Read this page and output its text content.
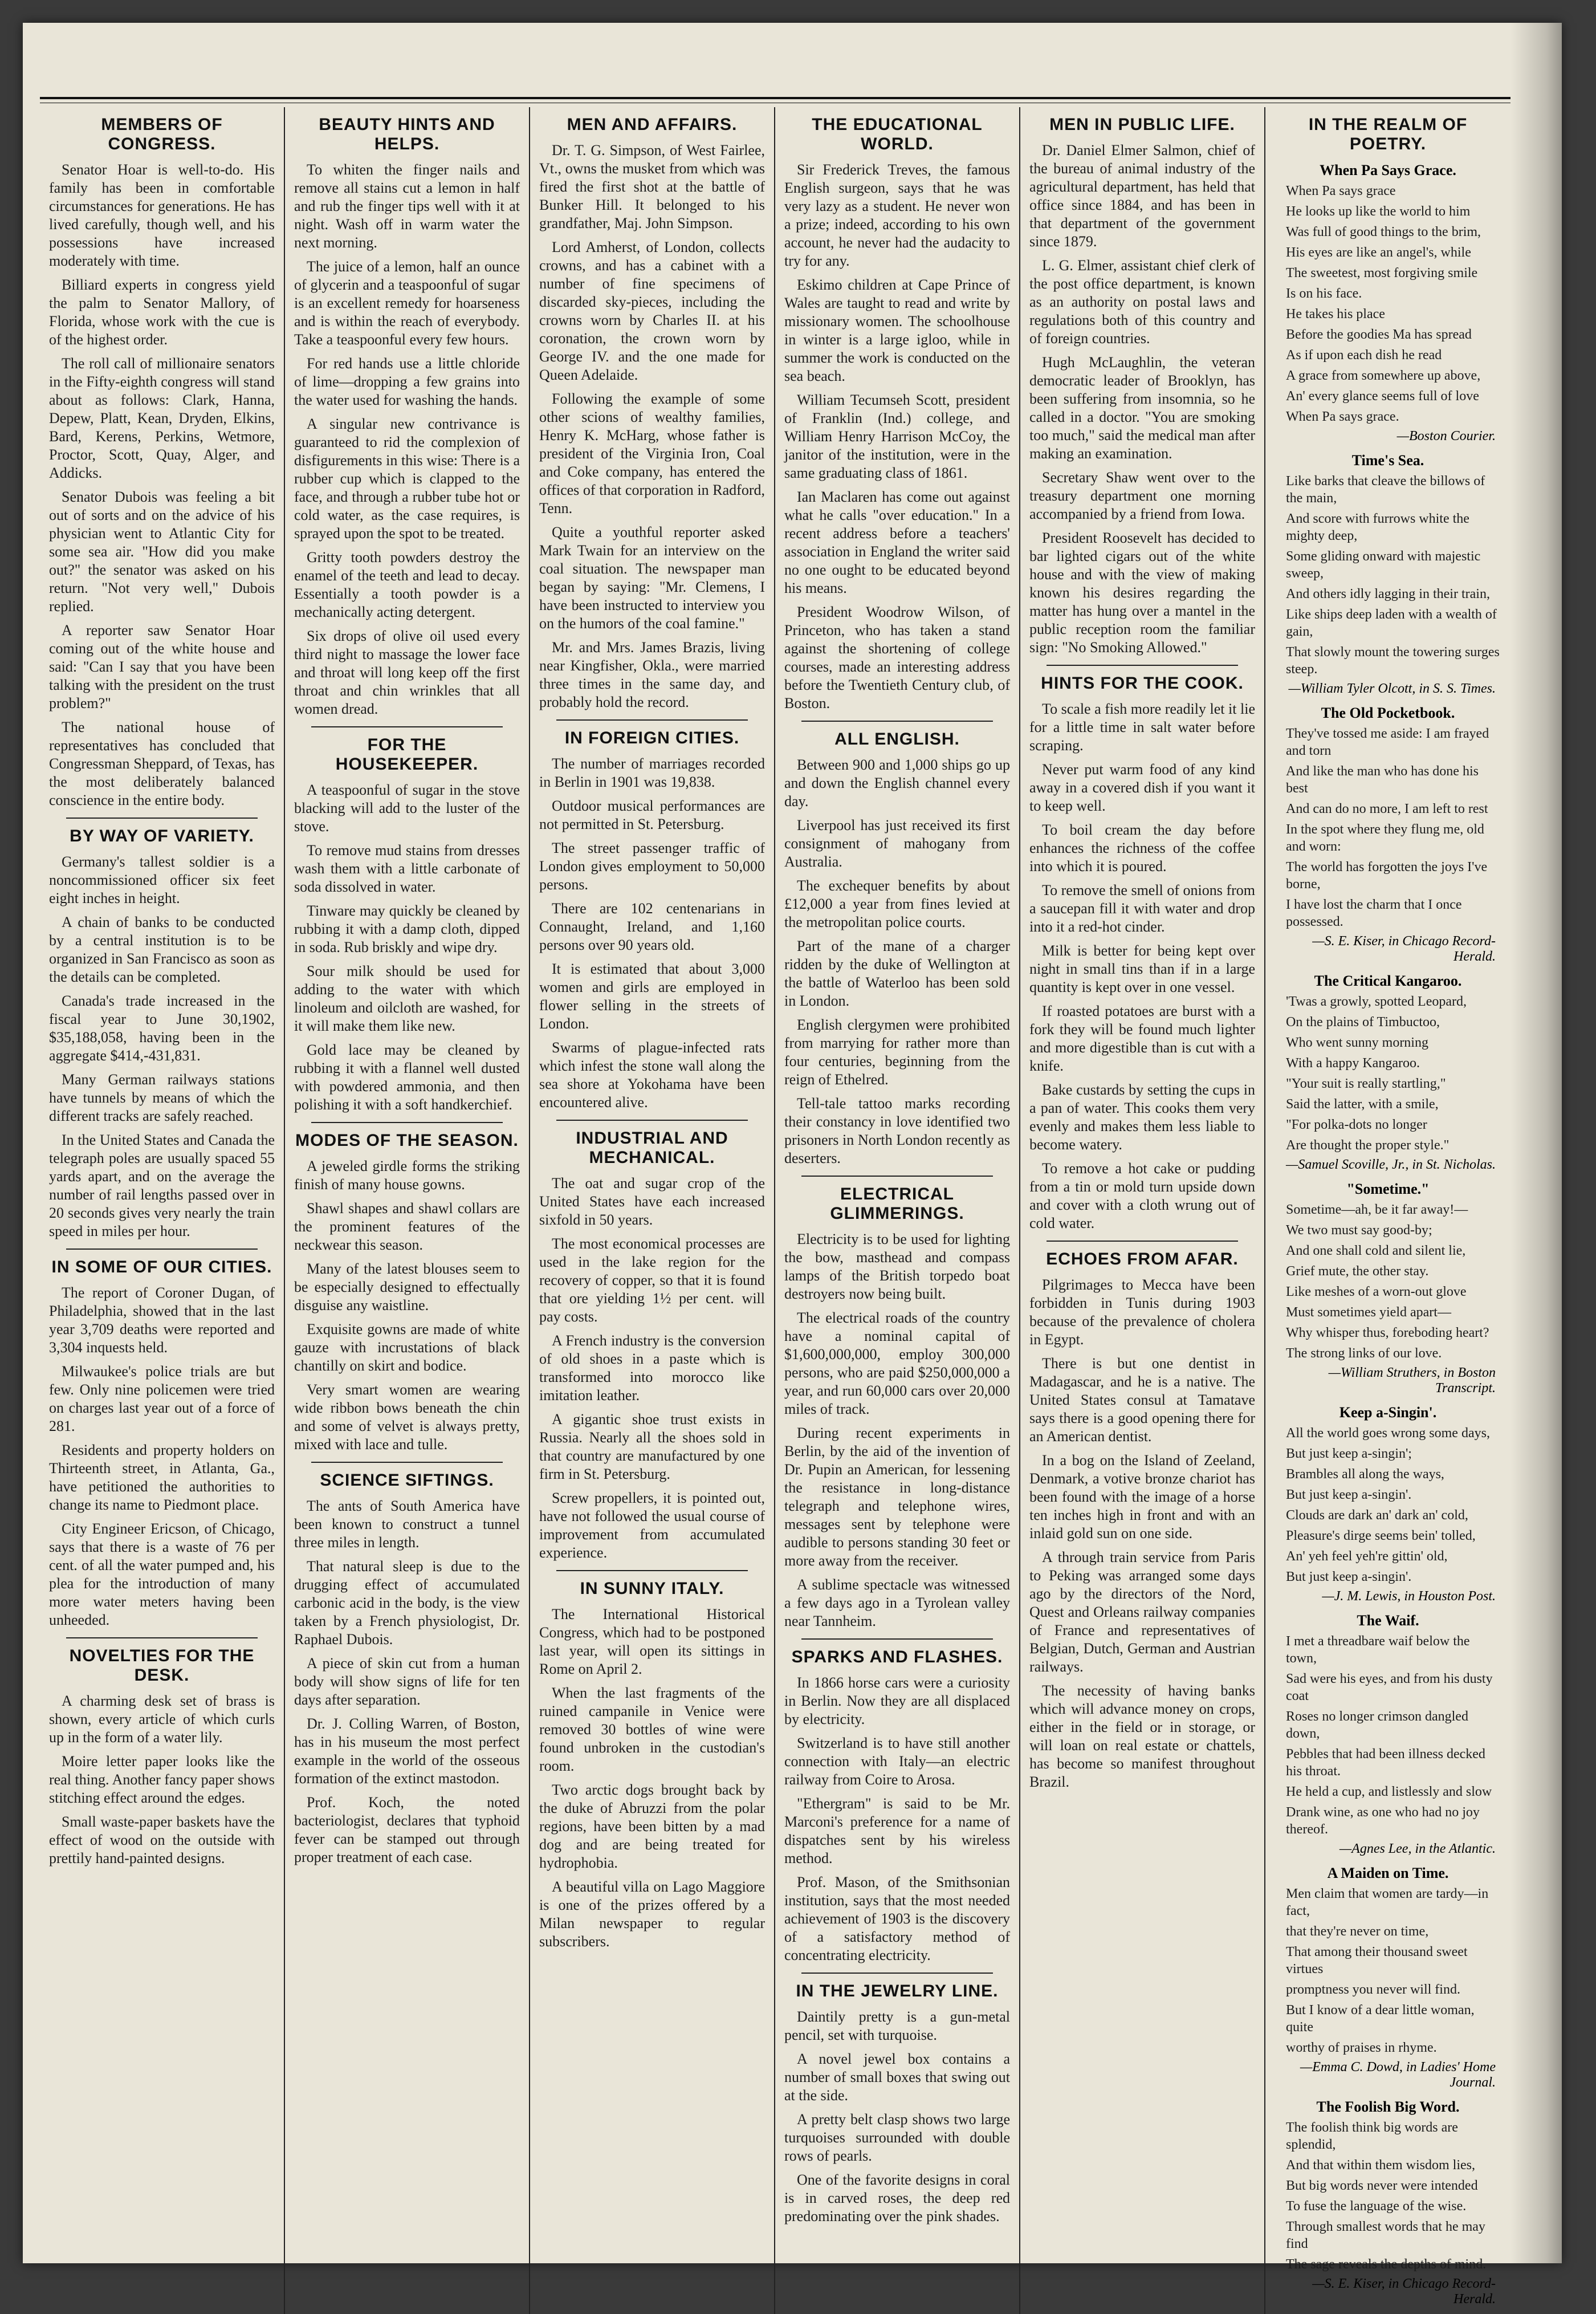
MEMBERS OF CONGRESS.

Senator Hoar is well-to-do. His family has been in comfortable circumstances for generations. He has lived carefully, though well, and his possessions have increased moderately with time.

Billiard experts in congress yield the palm to Senator Mallory, of Florida, whose work with the cue is of the highest order.

The roll call of millionaire senators in the Fifty-eighth congress will stand about as follows: Clark, Hanna, Depew, Platt, Kean, Dryden, Elkins, Bard, Kerens, Perkins, Wetmore, Proctor, Scott, Quay, Alger, and Addicks.

Senator Dubois was feeling a bit out of sorts and on the advice of his physician went to Atlantic City for some sea air. "How did you make out?" the senator was asked on his return. "Not very well," Dubois replied.

A reporter saw Senator Hoar coming out of the white house and said: "Can I say that you have been talking with the president on the trust problem?"

The national house of representatives has concluded that Congressman Sheppard, of Texas, has the most deliberately balanced conscience in the entire body.

BY WAY OF VARIETY.

Germany's tallest soldier is a noncommissioned officer six feet eight inches in height.

A chain of banks to be conducted by a central institution is to be organized in San Francisco as soon as the details can be completed.

Canada's trade increased in the fiscal year to June 30,1902, $35,188,058, having been in the aggregate $414,-431,831.

Many German railways stations have tunnels by means of which the different tracks are safely reached.

In the United States and Canada the telegraph poles are usually spaced 55 yards apart, and on the average the number of rail lengths passed over in 20 seconds gives very nearly the train speed in miles per hour.

IN SOME OF OUR CITIES.

The report of Coroner Dugan, of Philadelphia, showed that in the last year 3,709 deaths were reported and 3,304 inquests held.

Milwaukee's police trials are but few. Only nine policemen were tried on charges last year out of a force of 281.

Residents and property holders on Thirteenth street, in Atlanta, Ga., have petitioned the authorities to change its name to Piedmont place.

City Engineer Ericson, of Chicago, says that there is a waste of 76 per cent. of all the water pumped and, his plea for the introduction of many more water meters having been unheeded.

NOVELTIES FOR THE DESK.

A charming desk set of brass is shown, every article of which curls up in the form of a water lily.

Moire letter paper looks like the real thing. Another fancy paper shows stitching effect around the edges.

Small waste-paper baskets have the effect of wood on the outside with prettily hand-painted designs.

BEAUTY HINTS AND HELPS.

To whiten the finger nails and remove all stains cut a lemon in half and rub the finger tips well with it at night. Wash off in warm water the next morning.

The juice of a lemon, half an ounce of glycerin and a teaspoonful of sugar is an excellent remedy for hoarseness and is within the reach of everybody. Take a teaspoonful every few hours.

For red hands use a little chloride of lime—dropping a few grains into the water used for washing the hands.

A singular new contrivance is guaranteed to rid the complexion of disfigurements in this wise: There is a rubber cup which is clapped to the face, and through a rubber tube hot or cold water, as the case requires, is sprayed upon the spot to be treated.

Gritty tooth powders destroy the enamel of the teeth and lead to decay. Essentially a tooth powder is a mechanically acting detergent.

Six drops of olive oil used every third night to massage the lower face and throat will long keep off the first throat and chin wrinkles that all women dread.

FOR THE HOUSEKEEPER.

A teaspoonful of sugar in the stove blacking will add to the luster of the stove.

To remove mud stains from dresses wash them with a little carbonate of soda dissolved in water.

Tinware may quickly be cleaned by rubbing it with a damp cloth, dipped in soda. Rub briskly and wipe dry.

Sour milk should be used for adding to the water with which linoleum and oilcloth are washed, for it will make them like new.

Gold lace may be cleaned by rubbing it with a flannel well dusted with powdered ammonia, and then polishing it with a soft handkerchief.

MODES OF THE SEASON.

A jeweled girdle forms the striking finish of many house gowns.

Shawl shapes and shawl collars are the prominent features of the neckwear this season.

Many of the latest blouses seem to be especially designed to effectually disguise any waistline.

Exquisite gowns are made of white gauze with incrustations of black chantilly on skirt and bodice.

Very smart women are wearing wide ribbon bows beneath the chin and some of velvet is always pretty, mixed with lace and tulle.

SCIENCE SIFTINGS.

The ants of South America have been known to construct a tunnel three miles in length.

That natural sleep is due to the drugging effect of accumulated carbonic acid in the body, is the view taken by a French physiologist, Dr. Raphael Dubois.

A piece of skin cut from a human body will show signs of life for ten days after separation.

Dr. J. Colling Warren, of Boston, has in his museum the most perfect example in the world of the osseous formation of the extinct mastodon.

Prof. Koch, the noted bacteriologist, declares that typhoid fever can be stamped out through proper treatment of each case.

MEN AND AFFAIRS.

Dr. T. G. Simpson, of West Fairlee, Vt., owns the musket from which was fired the first shot at the battle of Bunker Hill. It belonged to his grandfather, Maj. John Simpson.

Lord Amherst, of London, collects crowns, and has a cabinet with a number of fine specimens of discarded sky-pieces, including the crowns worn by Charles II. at his coronation, the crown worn by George IV. and the one made for Queen Adelaide.

Following the example of some other scions of wealthy families, Henry K. McHarg, whose father is president of the Virginia Iron, Coal and Coke company, has entered the offices of that corporation in Radford, Tenn.

Quite a youthful reporter asked Mark Twain for an interview on the coal situation. The newspaper man began by saying: "Mr. Clemens, I have been instructed to interview you on the humors of the coal famine."

Mr. and Mrs. James Brazis, living near Kingfisher, Okla., were married three times in the same day, and probably hold the record.

IN FOREIGN CITIES.

The number of marriages recorded in Berlin in 1901 was 19,838.

Outdoor musical performances are not permitted in St. Petersburg.

The street passenger traffic of London gives employment to 50,000 persons.

There are 102 centenarians in Connaught, Ireland, and 1,160 persons over 90 years old.

It is estimated that about 3,000 women and girls are employed in flower selling in the streets of London.

Swarms of plague-infected rats which infest the stone wall along the sea shore at Yokohama have been encountered alive.

INDUSTRIAL AND MECHANICAL.

The oat and sugar crop of the United States have each increased sixfold in 50 years.

The most economical processes are used in the lake region for the recovery of copper, so that it is found that ore yielding 1½ per cent. will pay costs.

A French industry is the conversion of old shoes in a paste which is transformed into morocco like imitation leather.

A gigantic shoe trust exists in Russia. Nearly all the shoes sold in that country are manufactured by one firm in St. Petersburg.

Screw propellers, it is pointed out, have not followed the usual course of improvement from accumulated experience.

IN SUNNY ITALY.

The International Historical Congress, which had to be postponed last year, will open its sittings in Rome on April 2.

When the last fragments of the ruined campanile in Venice were removed 30 bottles of wine were found unbroken in the custodian's room.

Two arctic dogs brought back by the duke of Abruzzi from the polar regions, have been bitten by a mad dog and are being treated for hydrophobia.

A beautiful villa on Lago Maggiore is one of the prizes offered by a Milan newspaper to regular subscribers.

THE EDUCATIONAL WORLD.

Sir Frederick Treves, the famous English surgeon, says that he was very lazy as a student. He never won a prize; indeed, according to his own account, he never had the audacity to try for any.

Eskimo children at Cape Prince of Wales are taught to read and write by missionary women. The schoolhouse in winter is a large igloo, while in summer the work is conducted on the sea beach.

William Tecumseh Scott, president of Franklin (Ind.) college, and William Henry Harrison McCoy, the janitor of the institution, were in the same graduating class of 1861.

Ian Maclaren has come out against what he calls "over education." In a recent address before a teachers' association in England the writer said no one ought to be educated beyond his means.

President Woodrow Wilson, of Princeton, who has taken a stand against the shortening of college courses, made an interesting address before the Twentieth Century club, of Boston.

ALL ENGLISH.

Between 900 and 1,000 ships go up and down the English channel every day.

Liverpool has just received its first consignment of mahogany from Australia.

The exchequer benefits by about £12,000 a year from fines levied at the metropolitan police courts.

Part of the mane of a charger ridden by the duke of Wellington at the battle of Waterloo has been sold in London.

English clergymen were prohibited from marrying for rather more than four centuries, beginning from the reign of Ethelred.

Tell-tale tattoo marks recording their constancy in love identified two prisoners in North London recently as deserters.

ELECTRICAL GLIMMERINGS.

Electricity is to be used for lighting the bow, masthead and compass lamps of the British torpedo boat destroyers now being built.

The electrical roads of the country have a nominal capital of $1,600,000,000, employ 300,000 persons, who are paid $250,000,000 a year, and run 60,000 cars over 20,000 miles of track.

During recent experiments in Berlin, by the aid of the invention of Dr. Pupin an American, for lessening the resistance in long-distance telegraph and telephone wires, messages sent by telephone were audible to persons standing 30 feet or more away from the receiver.

A sublime spectacle was witnessed a few days ago in a Tyrolean valley near Tannheim.

SPARKS AND FLASHES.

In 1866 horse cars were a curiosity in Berlin. Now they are all displaced by electricity.

Switzerland is to have still another connection with Italy—an electric railway from Coire to Arosa.

"Ethergram" is said to be Mr. Marconi's preference for a name of dispatches sent by his wireless method.

Prof. Mason, of the Smithsonian institution, says that the most needed achievement of 1903 is the discovery of a satisfactory method of concentrating electricity.

IN THE JEWELRY LINE.

Daintily pretty is a gun-metal pencil, set with turquoise.

A novel jewel box contains a number of small boxes that swing out at the side.

A pretty belt clasp shows two large turquoises surrounded with double rows of pearls.

One of the favorite designs in coral is in carved roses, the deep red predominating over the pink shades.

MEN IN PUBLIC LIFE.

Dr. Daniel Elmer Salmon, chief of the bureau of animal industry of the agricultural department, has held that office since 1884, and has been in that department of the government since 1879.

L. G. Elmer, assistant chief clerk of the post office department, is known as an authority on postal laws and regulations both of this country and of foreign countries.

Hugh McLaughlin, the veteran democratic leader of Brooklyn, has been suffering from insomnia, so he called in a doctor. "You are smoking too much," said the medical man after making an examination.

Secretary Shaw went over to the treasury department one morning accompanied by a friend from Iowa.

President Roosevelt has decided to bar lighted cigars out of the white house and with the view of making known his desires regarding the matter has hung over a mantel in the public reception room the familiar sign: "No Smoking Allowed."

HINTS FOR THE COOK.

To scale a fish more readily let it lie for a little time in salt water before scraping.

Never put warm food of any kind away in a covered dish if you want it to keep well.

To boil cream the day before enhances the richness of the coffee into which it is poured.

To remove the smell of onions from a saucepan fill it with water and drop into it a red-hot cinder.

Milk is better for being kept over night in small tins than if in a large quantity is kept over in one vessel.

If roasted potatoes are burst with a fork they will be found much lighter and more digestible than is cut with a knife.

Bake custards by setting the cups in a pan of water. This cooks them very evenly and makes them less liable to become watery.

To remove a hot cake or pudding from a tin or mold turn upside down and cover with a cloth wrung out of cold water.

ECHOES FROM AFAR.

Pilgrimages to Mecca have been forbidden in Tunis during 1903 because of the prevalence of cholera in Egypt.

There is but one dentist in Madagascar, and he is a native. The United States consul at Tamatave says there is a good opening there for an American dentist.

In a bog on the Island of Zeeland, Denmark, a votive bronze chariot has been found with the image of a horse ten inches high in front and with an inlaid gold sun on one side.

A through train service from Paris to Peking was arranged some days ago by the directors of the Nord, Quest and Orleans railway companies of France and representatives of Belgian, Dutch, German and Austrian railways.

The necessity of having banks which will advance money on crops, either in the field or in storage, or will loan on real estate or chattels, has become so manifest throughout Brazil.

IN THE REALM OF POETRY.
When Pa Says Grace.

When Pa says grace

He looks up like the world to him

Was full of good things to the brim,

His eyes are like an angel's, while

The sweetest, most forgiving smile

Is on his face.

He takes his place

Before the goodies Ma has spread

As if upon each dish he read

A grace from somewhere up above,

An' every glance seems full of love

When Pa says grace.

—Boston Courier.
Time's Sea.

Like barks that cleave the billows of the main,

And score with furrows white the mighty deep,

Some gliding onward with majestic sweep,

And others idly lagging in their train,

Like ships deep laden with a wealth of gain,

That slowly mount the towering surges steep.

—William Tyler Olcott, in S. S. Times.
The Old Pocketbook.

They've tossed me aside: I am frayed and torn

And like the man who has done his best

And can do no more, I am left to rest

In the spot where they flung me, old and worn:

The world has forgotten the joys I've borne,

I have lost the charm that I once possessed.

—S. E. Kiser, in Chicago Record-Herald.
The Critical Kangaroo.

'Twas a growly, spotted Leopard,

On the plains of Timbuctoo,

Who went sunny morning

With a happy Kangaroo.

"Your suit is really startling,"

Said the latter, with a smile,

"For polka-dots no longer

Are thought the proper style."

—Samuel Scoville, Jr., in St. Nicholas.
"Sometime."

Sometime—ah, be it far away!—

We two must say good-by;

And one shall cold and silent lie,

Grief mute, the other stay.

Like meshes of a worn-out glove

Must sometimes yield apart—

Why whisper thus, foreboding heart?

The strong links of our love.

—William Struthers, in Boston Transcript.
Keep a-Singin'.

All the world goes wrong some days,

But just keep a-singin';

Brambles all along the ways,

But just keep a-singin'.

Clouds are dark an' dark an' cold,

Pleasure's dirge seems bein' tolled,

An' yeh feel yeh're gittin' old,

But just keep a-singin'.

—J. M. Lewis, in Houston Post.
The Waif.

I met a threadbare waif below the town,

Sad were his eyes, and from his dusty coat

Roses no longer crimson dangled down,

Pebbles that had been illness decked his throat.

He held a cup, and listlessly and slow

Drank wine, as one who had no joy thereof.

—Agnes Lee, in the Atlantic.
A Maiden on Time.

Men claim that women are tardy—in fact,

that they're never on time,

That among their thousand sweet virtues

promptness you never will find.

But I know of a dear little woman, quite

worthy of praises in rhyme.

—Emma C. Dowd, in Ladies' Home Journal.
The Foolish Big Word.

The foolish think big words are splendid,

And that within them wisdom lies,

But big words never were intended

To fuse the language of the wise.

Through smallest words that he may find

The sage reveals the depths of mind.

—S. E. Kiser, in Chicago Record-Herald.
